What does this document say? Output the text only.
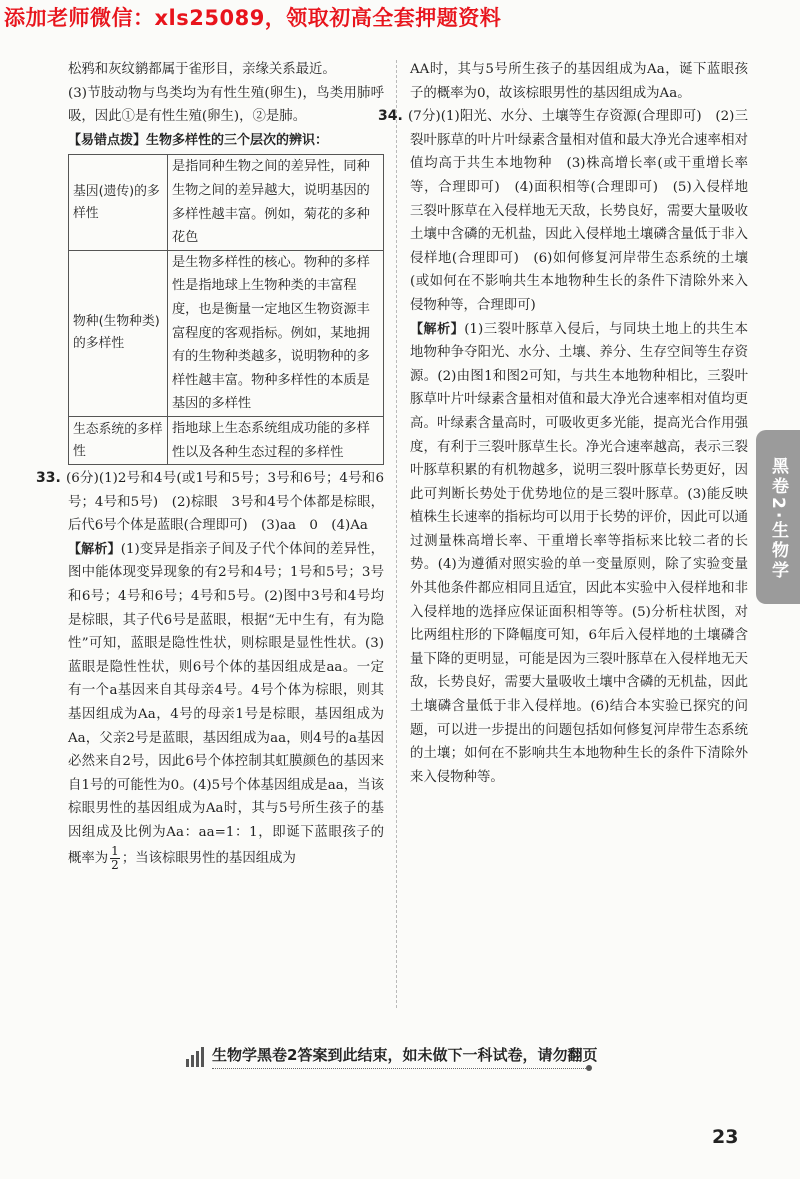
添加老师微信：xls25089，领取初高全套押题资料

松鸦和灰纹鹟都属于雀形目，亲缘关系最近。

(3)节肢动物与鸟类均为有性生殖(卵生)，鸟类用肺呼吸，因此①是有性生殖(卵生)，②是肺。

【易错点拨】生物多样性的三个层次的辨识：

基因(遗传)的多样性	是指同种生物之间的差异性，同种生物之间的差异越大，说明基因的多样性越丰富。例如，菊花的多种花色
物种(生物种类)的多样性	是生物多样性的核心。物种的多样性是指地球上生物种类的丰富程度，也是衡量一定地区生物资源丰富程度的客观指标。例如，某地拥有的生物种类越多，说明物种的多样性越丰富。物种多样性的本质是基因的多样性
生态系统的多样性	指地球上生态系统组成功能的多样性以及各种生态过程的多样性

33. (6分)(1)2号和4号(或1号和5号；3号和6号；4号和6号；4号和5号)　(2)棕眼　3号和4号个体都是棕眼，后代6号个体是蓝眼(合理即可)　(3)aa　0　(4)Aa

【解析】(1)变异是指亲子间及子代个体间的差异性，图中能体现变异现象的有2号和4号；1号和5号；3号和6号；4号和6号；4号和5号。(2)图中3号和4号均是棕眼，其子代6号是蓝眼，根据“无中生有，有为隐性”可知，蓝眼是隐性性状，则棕眼是显性性状。(3)蓝眼是隐性性状，则6号个体的基因组成是aa。一定有一个a基因来自其母亲4号。4号个体为棕眼，则其基因组成为Aa，4号的母亲1号是棕眼，基因组成为Aa，父亲2号是蓝眼，基因组成为aa，则4号的a基因必然来自2号，因此6号个体控制其虹膜颜色的基因来自1号的可能性为0。(4)5号个体基因组成是aa，当该棕眼男性的基因组成为Aa时，其与5号所生孩子的基因组成及比例为Aa：aa=1：1，即诞下蓝眼孩子的概率为 $\frac{1}{2}$ ；当该棕眼男性的基因组成为

AA时，其与5号所生孩子的基因组成为Aa，诞下蓝眼孩子的概率为0，故该棕眼男性的基因组成为Aa。

34. (7分)(1)阳光、水分、土壤等生存资源(合理即可)　(2)三裂叶豚草的叶片叶绿素含量相对值和最大净光合速率相对值均高于共生本地物种　(3)株高增长率(或干重增长率等，合理即可)　(4)面积相等(合理即可)　(5)入侵样地　三裂叶豚草在入侵样地无天敌，长势良好，需要大量吸收土壤中含磷的无机盐，因此入侵样地土壤磷含量低于非入侵样地(合理即可)　(6)如何修复河岸带生态系统的土壤(或如何在不影响共生本地物种生长的条件下清除外来入侵物种等，合理即可)

【解析】(1)三裂叶豚草入侵后，与同块土地上的共生本地物种争夺阳光、水分、土壤、养分、生存空间等生存资源。(2)由图1和图2可知，与共生本地物种相比，三裂叶豚草叶片叶绿素含量相对值和最大净光合速率相对值均更高。叶绿素含量高时，可吸收更多光能，提高光合作用强度，有利于三裂叶豚草生长。净光合速率越高，表示三裂叶豚草积累的有机物越多，说明三裂叶豚草长势更好，因此可判断长势处于优势地位的是三裂叶豚草。(3)能反映植株生长速率的指标均可以用于长势的评价，因此可以通过测量株高增长率、干重增长率等指标来比较二者的长势。(4)为遵循对照实验的单一变量原则，除了实验变量外其他条件都应相同且适宜，因此本实验中入侵样地和非入侵样地的选择应保证面积相等等。(5)分析柱状图，对比两组柱形的下降幅度可知，6年后入侵样地的土壤磷含量下降的更明显，可能是因为三裂叶豚草在入侵样地无天敌，长势良好，需要大量吸收土壤中含磷的无机盐，因此土壤磷含量低于非入侵样地。(6)结合本实验已探究的问题，可以进一步提出的问题包括如何修复河岸带生态系统的土壤；如何在不影响共生本地物种生长的条件下清除外来入侵物种等。

黑卷2·生物学
生物学黑卷2答案到此结束，如未做下一科试卷，请勿翻页
23
